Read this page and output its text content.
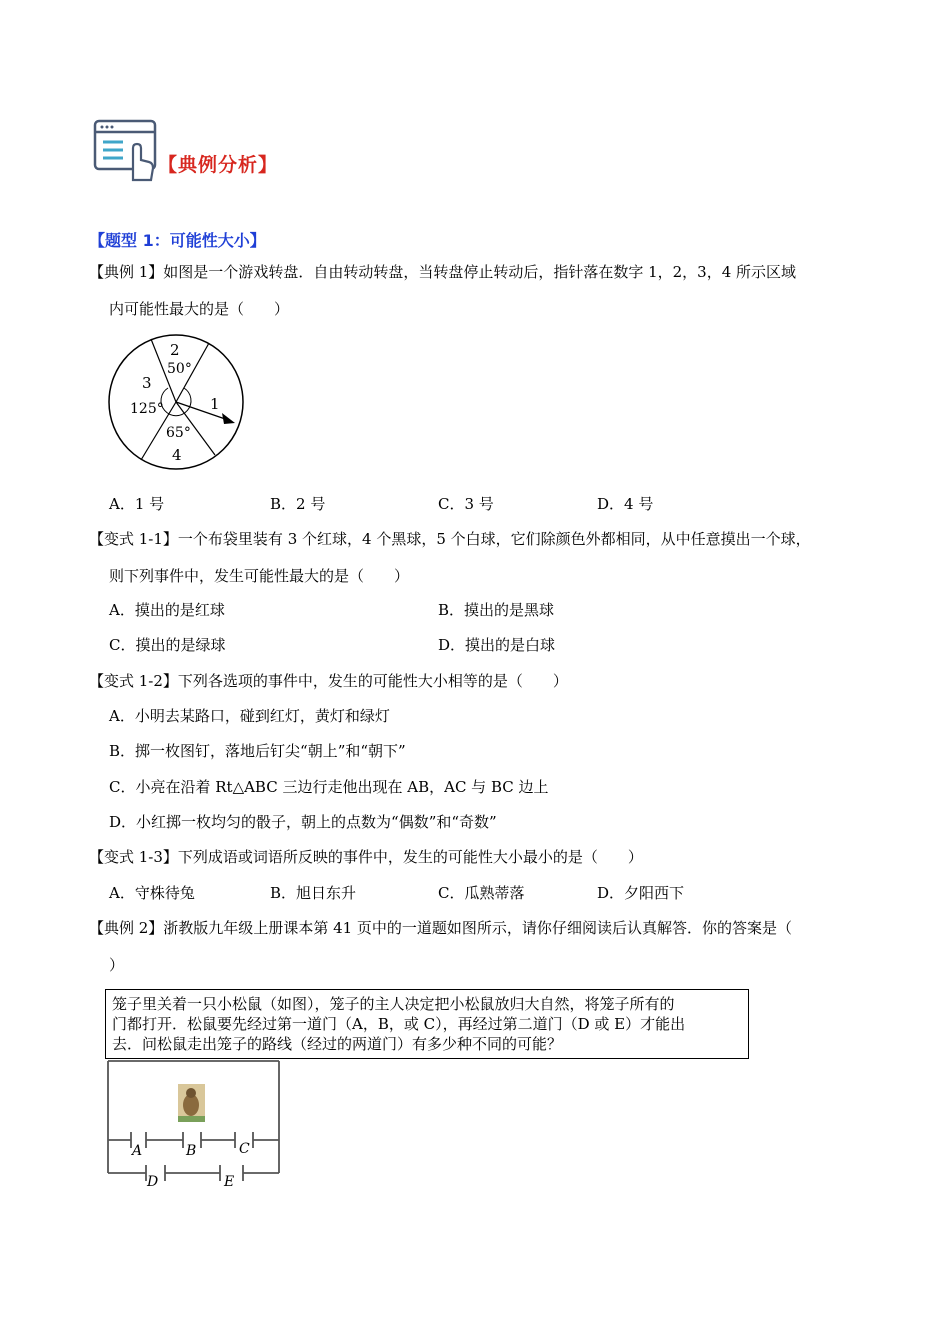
【典例分析】
【题型 1：可能性大小】
【典例 1】如图是一个游戏转盘．自由转动转盘，当转盘停止转动后，指针落在数字 1，2，3，4 所示区域
内可能性最大的是（　　）
2
50°
3
125°	1
65°
4
A．1 号	B．2 号	C．3 号	D．4 号
【变式 1-1】一个布袋里装有 3 个红球，4 个黑球，5 个白球，它们除颜色外都相同，从中任意摸出一个球，
则下列事件中，发生可能性最大的是（　　）
A．摸出的是红球	B．摸出的是黑球
C．摸出的是绿球	D．摸出的是白球
【变式 1-2】下列各选项的事件中，发生的可能性大小相等的是（　　）
A．小明去某路口，碰到红灯，黄灯和绿灯
B．掷一枚图钉，落地后钉尖“朝上”和“朝下”
C．小亮在沿着 Rt△ABC 三边行走他出现在 AB，AC 与 BC 边上
D．小红掷一枚均匀的骰子，朝上的点数为“偶数”和“奇数”
【变式 1-3】下列成语或词语所反映的事件中，发生的可能性大小最小的是（　　）
A．守株待兔	B．旭日东升	C．瓜熟蒂落	D．夕阳西下
【典例 2】浙教版九年级上册课本第 41 页中的一道题如图所示，请你仔细阅读后认真解答．你的答案是（
）
笼子里关着一只小松鼠（如图），笼子的主人决定把小松鼠放归大自然，将笼子所有的
门都打开．松鼠要先经过第一道门（A，B，或 C），再经过第二道门（D 或 E）才能出
去．问松鼠走出笼子的路线（经过的两道门）有多少种不同的可能？
A	B	C
D	E
